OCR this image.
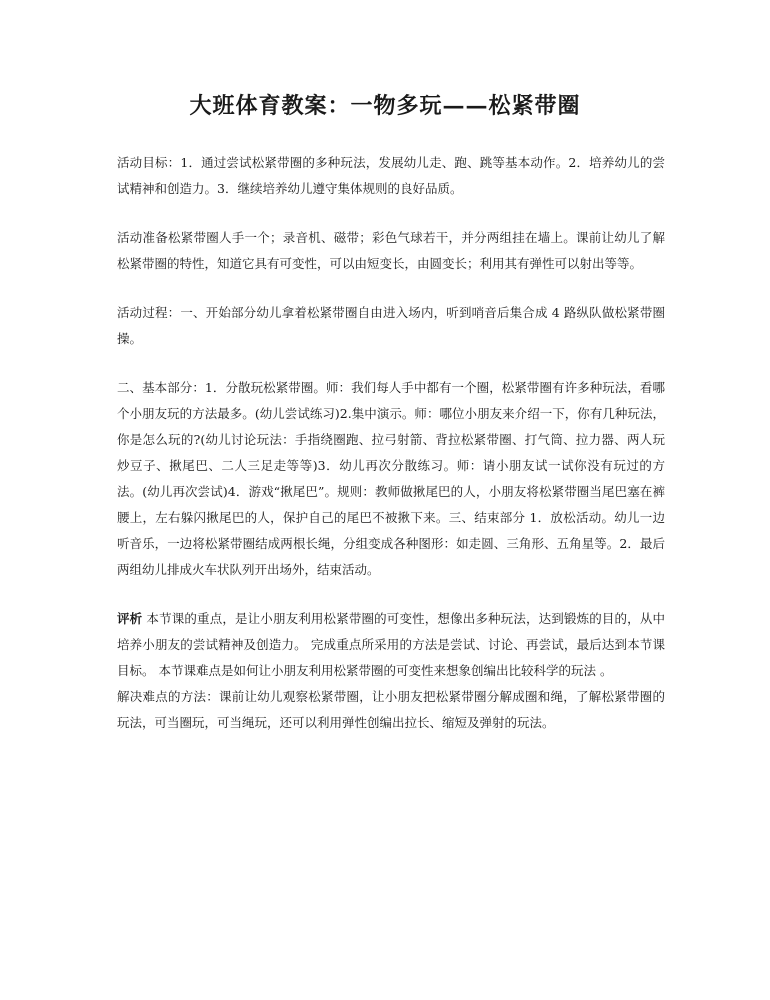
大班体育教案：一物多玩——松紧带圈

活动目标：1．通过尝试松紧带圈的多种玩法，发展幼儿走、跑、跳等基本动作。2．培养幼儿的尝试精神和创造力。3．继续培养幼儿遵守集体规则的良好品质。

活动准备松紧带圈人手一个；录音机、磁带；彩色气球若干，并分两组挂在墙上。课前让幼儿了解松紧带圈的特性，知道它具有可变性，可以由短变长，由圆变长；利用其有弹性可以射出等等。

活动过程：一、开始部分幼儿拿着松紧带圈自由进入场内，听到哨音后集合成 4 路纵队做松紧带圈操。

二、基本部分：1．分散玩松紧带圈。师：我们每人手中都有一个圈，松紧带圈有许多种玩法，看哪个小朋友玩的方法最多。(幼儿尝试练习)2.集中演示。师：哪位小朋友来介绍一下，你有几种玩法，你是怎么玩的?(幼儿讨论玩法：手指绕圈跑、拉弓射箭、背拉松紧带圈、打气筒、拉力器、两人玩炒豆子、揪尾巴、二人三足走等等)3．幼儿再次分散练习。师：请小朋友试一试你没有玩过的方法。(幼儿再次尝试)4．游戏“揪尾巴”。规则：教师做揪尾巴的人，小朋友将松紧带圈当尾巴塞在裤腰上，左右躲闪揪尾巴的人，保护自己的尾巴不被揪下来。三、结束部分 1．放松活动。幼儿一边听音乐，一边将松紧带圈结成两根长绳，分组变成各种图形：如走圆、三角形、五角星等。2．最后两组幼儿排成火车状队列开出场外，结束活动。

评析 本节课的重点，是让小朋友利用松紧带圈的可变性，想像出多种玩法，达到锻炼的目的，从中培养小朋友的尝试精神及创造力。 完成重点所采用的方法是尝试、讨论、再尝试，最后达到本节课目标。 本节课难点是如何让小朋友利用松紧带圈的可变性来想象创编出比较科学的玩法 。

解决难点的方法：课前让幼儿观察松紧带圈，让小朋友把松紧带圈分解成圈和绳，了解松紧带圈的玩法，可当圈玩，可当绳玩，还可以利用弹性创编出拉长、缩短及弹射的玩法。
